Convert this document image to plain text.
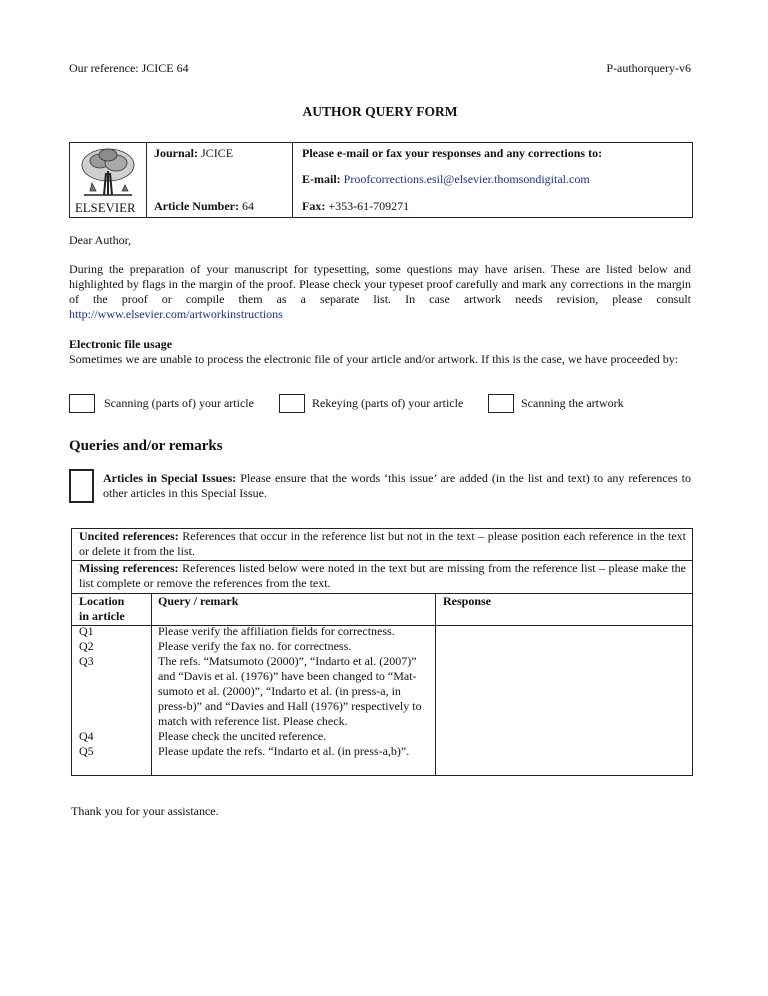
Our reference: JCICE 64	P-authorquery-v6
AUTHOR QUERY FORM
ELSEVIER
Journal: JCICE
Article Number: 64
Please e-mail or fax your responses and any corrections to:
E-mail: Proofcorrections.esil@elsevier.thomsondigital.com
Fax: +353-61-709271
Dear Author,
During the preparation of your manuscript for typesetting, some questions may have arisen. These are listed below and highlighted by flags in the margin of the proof. Please check your typeset proof carefully and mark any corrections in the margin of the proof or compile them as a separate list. In case artwork needs revision, please consult http://www.elsevier.com/artworkinstructions
Electronic file usage
Sometimes we are unable to process the electronic file of your article and/or artwork. If this is the case, we have proceeded by:
Scanning (parts of) your article	Rekeying (parts of) your article	Scanning the artwork
Queries and/or remarks
Articles in Special Issues: Please ensure that the words ‘this issue’ are added (in the list and text) to any references to other articles in this Special Issue.
Uncited references: References that occur in the reference list but not in the text – please position each reference in the text or delete it from the list.
Missing references: References listed below were noted in the text but are missing from the reference list – please make the list complete or remove the references from the text.
Location
in article
Query / remark	Response
Q1	Please verify the affiliation fields for correctness.
Q2	Please verify the fax no. for correctness.
Q3	The refs. “Matsumoto (2000)”, “Indarto et al. (2007)”
and “Davis et al. (1976)” have been changed to “Mat-
sumoto et al. (2000)”, “Indarto et al. (in press-a, in
press-b)” and “Davies and Hall (1976)” respectively to
match with reference list. Please check.
Q4	Please check the uncited reference.
Q5	Please update the refs. “Indarto et al. (in press-a,b)”.
Thank you for your assistance.
